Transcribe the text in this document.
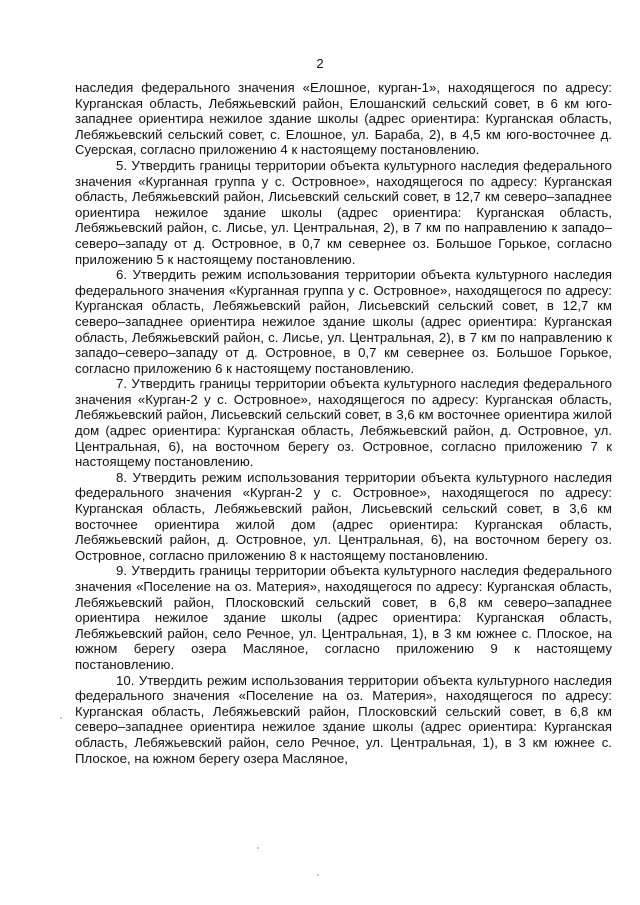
2

наследия федерального значения «Елошное, курган-1», находящегося по адресу: Курганская область, Лебяжьевский район, Елошанский сельский совет, в 6 км юго-западнее ориентира нежилое здание школы (адрес ориентира: Курганская область, Лебяжьевский сельский совет, с. Елошное, ул. Бараба, 2), в 4,5 км юго-восточнее д. Суерская, согласно приложению 4 к настоящему постановлению.

5. Утвердить границы территории объекта культурного наследия федерального значения «Курганная группа у с. Островное», находящегося по адресу: Курганская область, Лебяжьевский район, Лисьевский сельский совет, в 12,7 км северо–западнее ориентира нежилое здание школы (адрес ориентира: Курганская область, Лебяжьевский район, с. Лисье, ул. Центральная, 2), в 7 км по направлению к западо–северо–западу от д. Островное, в 0,7 км севернее оз. Большое Горькое, согласно приложению 5 к настоящему постановлению.

6. Утвердить режим использования территории объекта культурного наследия федерального значения «Курганная группа у с. Островное», находящегося по адресу: Курганская область, Лебяжьевский район, Лисьевский сельский совет, в 12,7 км северо–западнее ориентира нежилое здание школы (адрес ориентира: Курганская область, Лебяжьевский район, с. Лисье, ул. Центральная, 2), в 7 км по направлению к западо–северо–западу от д. Островное, в 0,7 км севернее оз. Большое Горькое, согласно приложению 6 к настоящему постановлению.

7. Утвердить границы территории объекта культурного наследия федерального значения «Курган-2 у с. Островное», находящегося по адресу: Курганская область, Лебяжьевский район, Лисьевский сельский совет, в 3,6 км восточнее ориентира жилой дом (адрес ориентира: Курганская область, Лебяжьевский район, д. Островное, ул. Центральная, 6), на восточном берегу оз. Островное, согласно приложению 7 к настоящему постановлению.

8. Утвердить режим использования территории объекта культурного наследия федерального значения «Курган-2 у с. Островное», находящегося по адресу: Курганская область, Лебяжьевский район, Лисьевский сельский совет, в 3,6 км восточнее ориентира жилой дом (адрес ориентира: Курганская область, Лебяжьевский район, д. Островное, ул. Центральная, 6), на восточном берегу оз. Островное, согласно приложению 8 к настоящему постановлению.

9. Утвердить границы территории объекта культурного наследия федерального значения «Поселение на оз. Материя», находящегося по адресу: Курганская область, Лебяжьевский район, Плосковский сельский совет, в 6,8 км северо–западнее ориентира нежилое здание школы (адрес ориентира: Курганская область, Лебяжьевский район, село Речное, ул. Центральная, 1), в 3 км южнее с. Плоское, на южном берегу озера Масляное, согласно приложению 9 к настоящему постановлению.

10. Утвердить режим использования территории объекта культурного наследия федерального значения «Поселение на оз. Материя», находящегося по адресу: Курганская область, Лебяжьевский район, Плосковский сельский совет, в 6,8 км северо–западнее ориентира нежилое здание школы (адрес ориентира: Курганская область, Лебяжьевский район, село Речное, ул. Центральная, 1), в 3 км южнее с. Плоское, на южном берегу озера Масляное,
